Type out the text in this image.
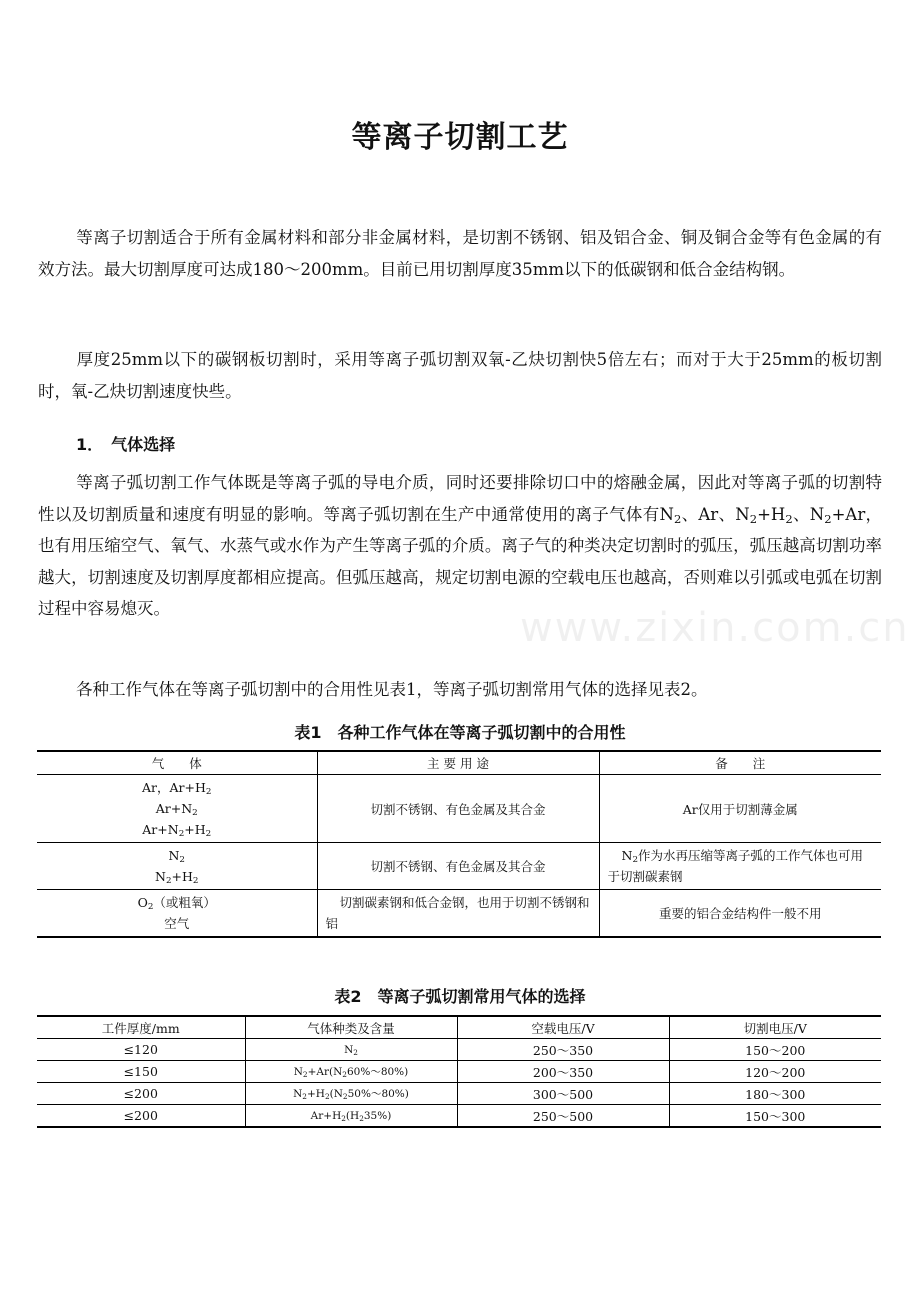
www.zixin.com.cn
等离子切割工艺
等离子切割适合于所有金属材料和部分非金属材料，是切割不锈钢、铝及铝合金、铜及铜合金等有色金属的有效方法。最大切割厚度可达成180～200mm。目前已用切割厚度35mm以下的低碳钢和低合金结构钢。
厚度25mm以下的碳钢板切割时，采用等离子弧切割双氧-乙炔切割快5倍左右；而对于大于25mm的板切割时，氧-乙炔切割速度快些。
1．　气体选择
等离子弧切割工作气体既是等离子弧的导电介质，同时还要排除切口中的熔融金属，因此对等离子弧的切割特性以及切割质量和速度有明显的影响。等离子弧切割在生产中通常使用的离子气体有$N_2$、Ar、$N_2+H_2$、$N_2+Ar$，也有用压缩空气、氧气、水蒸气或水作为产生等离子弧的介质。离子气的种类决定切割时的弧压，弧压越高切割功率越大，切割速度及切割厚度都相应提高。但弧压越高，规定切割电源的空载电压也越高，否则难以引弧或电弧在切割过程中容易熄灭。
各种工作气体在等离子弧切割中的合用性见表1，等离子弧切割常用气体的选择见表2。
表1　各种工作气体在等离子弧切割中的合用性
气　　体	主 要 用 途	备　　注

Ar，$Ar+H_2$
$Ar+N_2$
$Ar+N_2+H_2$	切割不锈钢、有色金属及其合金	Ar仅用于切割薄金属

$N_2$
$N_2+H_2$	切割不锈钢、有色金属及其合金	$N_2$作为水再压缩等离子弧的工作气体也可用于切割碳素钢

$O_2$（或粗氧）
空气	切割碳素钢和低合金钢，也用于切割不锈钢和铝	重要的铝合金结构件一般不用
表2　等离子弧切割常用气体的选择
工件厚度/mm	气体种类及含量	空载电压/V	切割电压/V
≤120	$N_2$	250～350	150～200
≤150	$N_2+Ar(N_260\%\sim 80\%)$	200～350	120～200
≤200	$N_2+H_2(N_250\%\sim 80\%)$	300～500	180～300
≤200	$Ar+H_2(H_235\%)$	250～500	150～300
